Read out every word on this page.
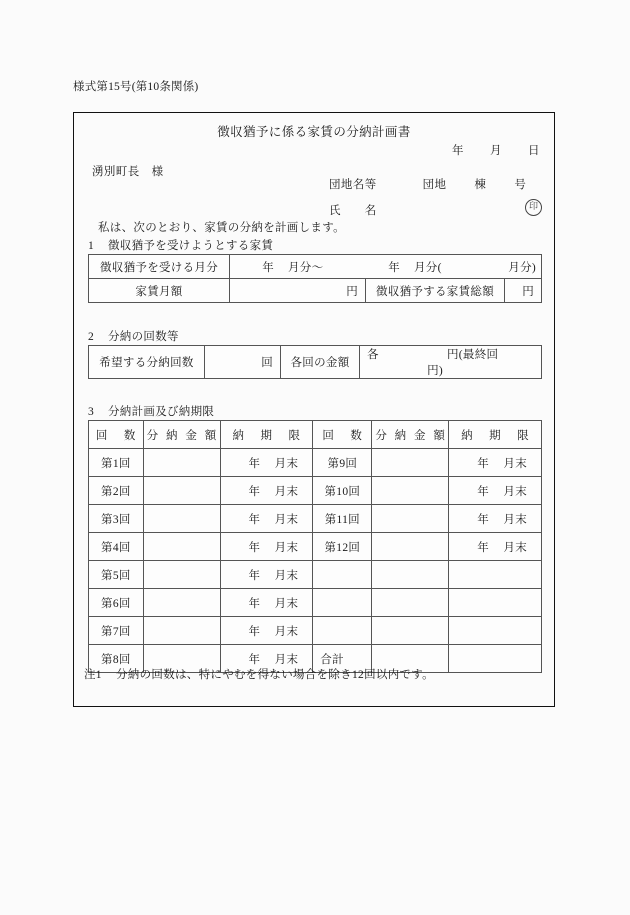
様式第15号(第10条関係)
徴収猶予に係る家賃の分納計画書
年 月 日
湧別町長 様
団地名等	団地 棟 号
氏　　名	印
私は、次のとおり、家賃の分納を計画します。
1 徴収猶予を受けようとする家賃
徴収猶予を受ける月分	年 月分～ 年 月分( 月分)		
家賃月額	円	徴収猶予する家賃総額	円
2 分納の回数等
希望する分納回数	回	各回の金額	各	円(最終回円)
3 分納計画及び納期限
回　数	分 納 金 額	納　期　限	回　数	分 納 金 額	納　期　限
第1回		年 月末	第9回		年 月末
第2回		年 月末	第10回		年 月末
第3回		年 月末	第11回		年 月末
第4回		年 月末	第12回		年 月末
第5回		年 月末			
第6回		年 月末			
第7回		年 月末			
第8回		年 月末	合計		
注1 分納の回数は、特にやむを得ない場合を除き12回以内です。
